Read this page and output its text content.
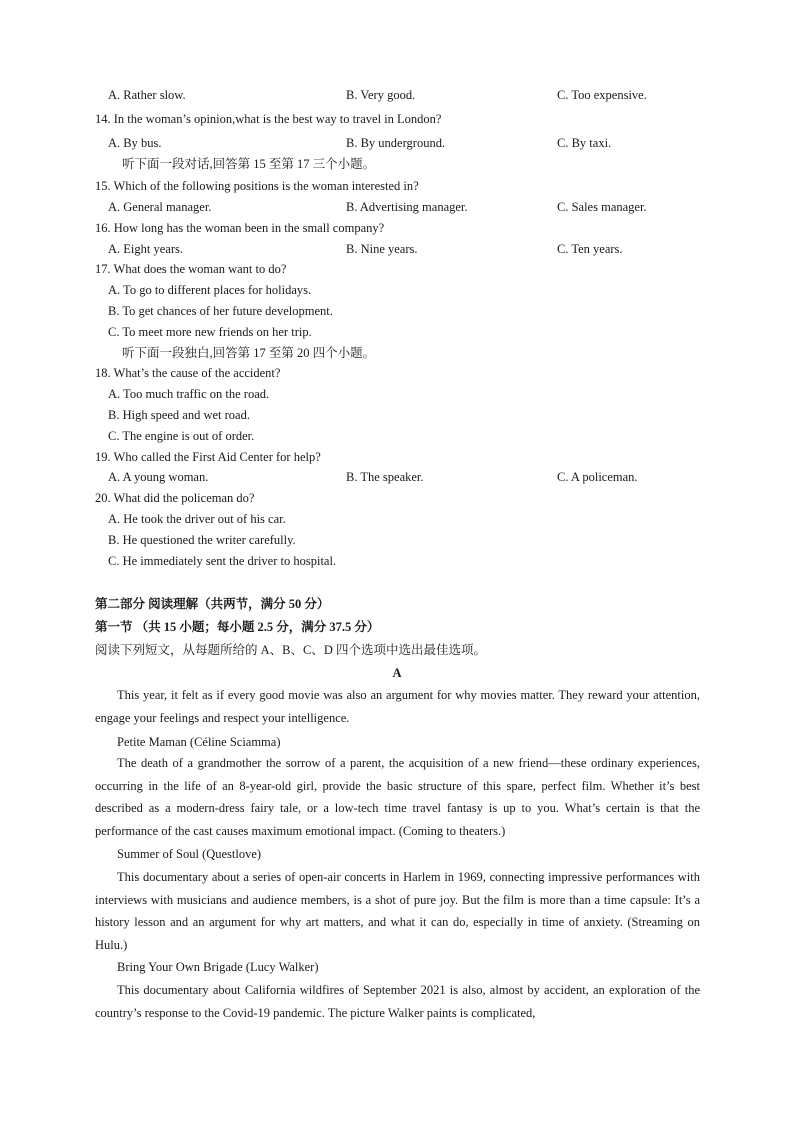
A. Rather slow.	B. Very good.	C. Too expensive.
14. In the woman’s opinion,what is the best way to travel in London?
A. By bus.	B. By underground.	C. By taxi.
听下面一段对话,回答第 15 至第 17 三个小题。
15. Which of the following positions is the woman interested in?
A. General manager.	B. Advertising manager.	C. Sales manager.
16. How long has the woman been in the small company?
A. Eight years.	B. Nine years.	C. Ten years.
17. What does the woman want to do?
A. To go to different places for holidays.
B. To get chances of her future development.
C. To meet more new friends on her trip.
听下面一段独白,回答第 17 至第 20 四个小题。
18. What’s the cause of the accident?
A. Too much traffic on the road.
B. High speed and wet road.
C. The engine is out of order.
19. Who called the First Aid Center for help?
A. A young woman.	B. The speaker.	C. A policeman.
20. What did the policeman do?
A. He took the driver out of his car.
B. He questioned the writer carefully.
C. He immediately sent the driver to hospital.
第二部分 阅读理解（共两节，满分 50 分）
第一节 （共 15 小题；每小题 2.5 分，满分 37.5 分）
阅读下列短文，从每题所给的 A、B、C、D 四个选项中选出最佳选项。
A

This year, it felt as if every good movie was also an argument for why movies matter. They reward your attention, engage your feelings and respect your intelligence.

Petite Maman (Céline Sciamma)

The death of a grandmother the sorrow of a parent, the acquisition of a new friend—these ordinary experiences, occurring in the life of an 8-year-old girl, provide the basic structure of this spare, perfect film. Whether it’s best described as a modern-dress fairy tale, or a low-tech time travel fantasy is up to you. What’s certain is that the performance of the cast causes maximum emotional impact. (Coming to theaters.)

Summer of Soul (Questlove)

This documentary about a series of open-air concerts in Harlem in 1969, connecting impressive performances with interviews with musicians and audience members, is a shot of pure joy. But the film is more than a time capsule: It’s a history lesson and an argument for why art matters, and what it can do, especially in time of anxiety. (Streaming on Hulu.)

Bring Your Own Brigade (Lucy Walker)

This documentary about California wildfires of September 2021 is also, almost by accident, an exploration of the country’s response to the Covid-19 pandemic. The picture Walker paints is complicated,
